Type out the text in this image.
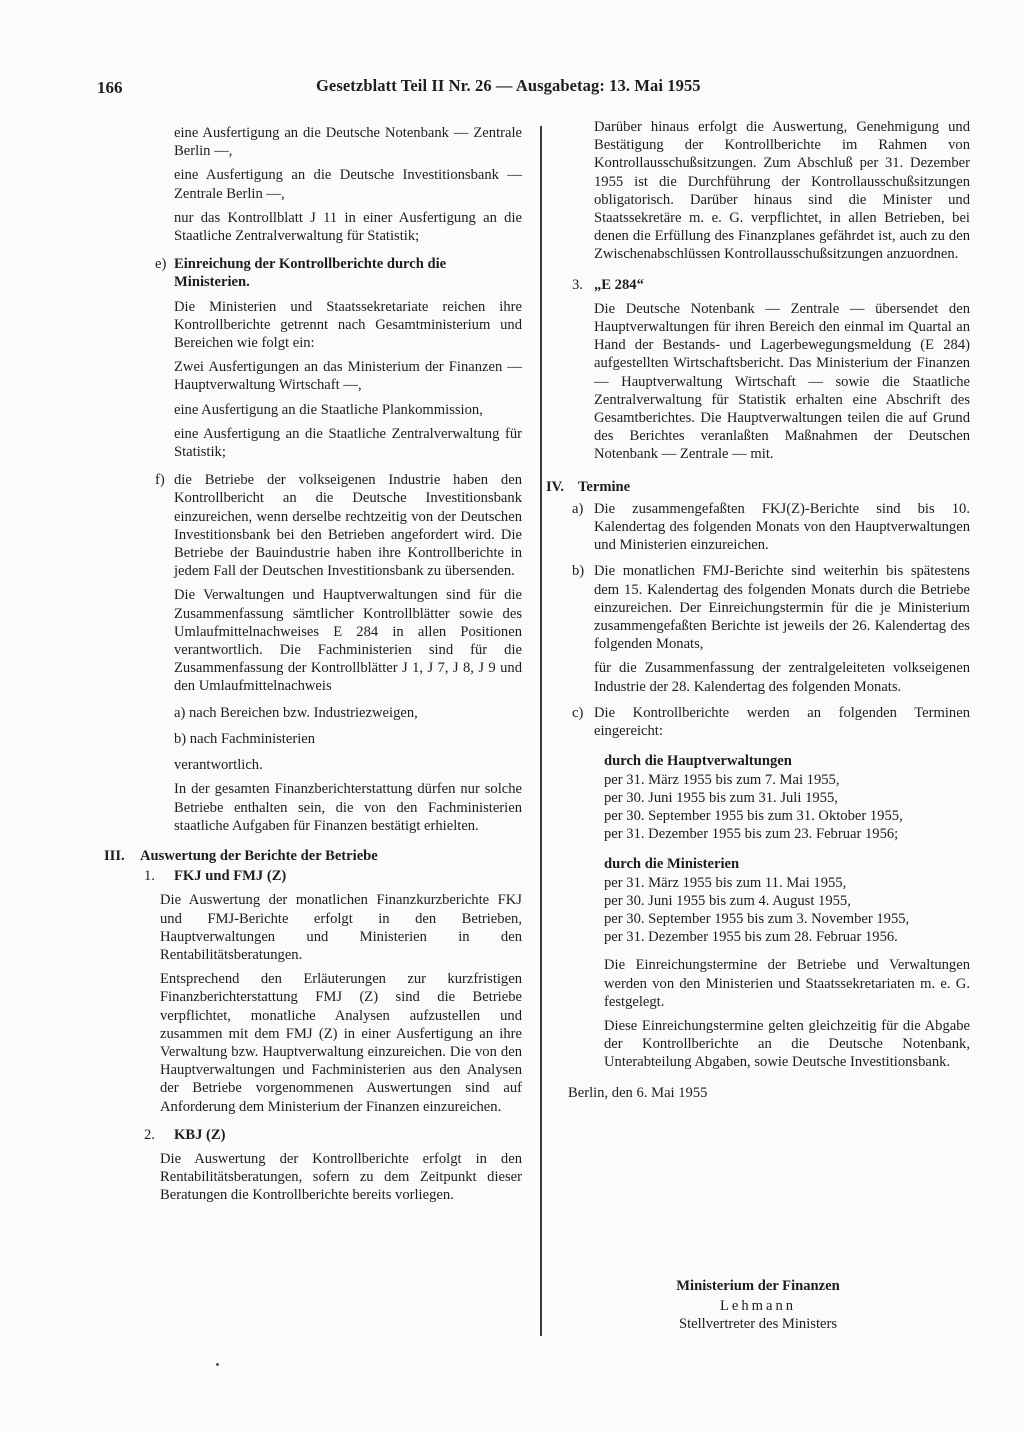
166	Gesetzblatt Teil II Nr. 26 — Ausgabetag: 13. Mai 1955

eine Ausfertigung an die Deutsche Notenbank — Zentrale Berlin —,

eine Ausfertigung an die Deutsche Investitionsbank — Zentrale Berlin —,

nur das Kontrollblatt J 11 in einer Ausfertigung an die Staatliche Zentralverwaltung für Statistik;

e) Einreichung der Kontrollberichte durch die Ministerien.

Die Ministerien und Staatssekretariate reichen ihre Kontrollberichte getrennt nach Gesamtministerium und Bereichen wie folgt ein:

Zwei Ausfertigungen an das Ministerium der Finanzen — Hauptverwaltung Wirtschaft —,

eine Ausfertigung an die Staatliche Plankommission,

eine Ausfertigung an die Staatliche Zentralverwaltung für Statistik;

f) die Betriebe der volkseigenen Industrie haben den Kontrollbericht an die Deutsche Investitionsbank einzureichen, wenn derselbe rechtzeitig von der Deutschen Investitionsbank bei den Betrieben angefordert wird. Die Betriebe der Bauindustrie haben ihre Kontrollberichte in jedem Fall der Deutschen Investitionsbank zu übersenden.

Die Verwaltungen und Hauptverwaltungen sind für die Zusammenfassung sämtlicher Kontrollblätter sowie des Umlaufmittelnachweises E 284 in allen Positionen verantwortlich. Die Fachministerien sind für die Zusammenfassung der Kontrollblätter J 1, J 7, J 8, J 9 und den Umlaufmittelnachweis

a) nach Bereichen bzw. Industriezweigen,

b) nach Fachministerien

verantwortlich.

In der gesamten Finanzberichterstattung dürfen nur solche Betriebe enthalten sein, die von den Fachministerien staatliche Aufgaben für Finanzen bestätigt erhielten.

III. Auswertung der Berichte der Betriebe
1. FKJ und FMJ (Z)

Die Auswertung der monatlichen Finanzkurzberichte FKJ und FMJ-Berichte erfolgt in den Betrieben, Hauptverwaltungen und Ministerien in den Rentabilitätsberatungen.

Entsprechend den Erläuterungen zur kurzfristigen Finanzberichterstattung FMJ (Z) sind die Betriebe verpflichtet, monatliche Analysen aufzustellen und zusammen mit dem FMJ (Z) in einer Ausfertigung an ihre Verwaltung bzw. Hauptverwaltung einzureichen. Die von den Hauptverwaltungen und Fachministerien aus den Analysen der Betriebe vorgenommenen Auswertungen sind auf Anforderung dem Ministerium der Finanzen einzureichen.

2. KBJ (Z)

Die Auswertung der Kontrollberichte erfolgt in den Rentabilitätsberatungen, sofern zu dem Zeitpunkt dieser Beratungen die Kontrollberichte bereits vorliegen.

Darüber hinaus erfolgt die Auswertung, Genehmigung und Bestätigung der Kontrollberichte im Rahmen von Kontrollausschußsitzungen. Zum Abschluß per 31. Dezember 1955 ist die Durchführung der Kontrollausschußsitzungen obligatorisch. Darüber hinaus sind die Minister und Staatssekretäre m. e. G. verpflichtet, in allen Betrieben, bei denen die Erfüllung des Finanzplanes gefährdet ist, auch zu den Zwischenabschlüssen Kontrollausschußsitzungen anzuordnen.

3. „E 284“

Die Deutsche Notenbank — Zentrale — übersendet den Hauptverwaltungen für ihren Bereich den einmal im Quartal an Hand der Bestands- und Lagerbewegungsmeldung (E 284) aufgestellten Wirtschaftsbericht. Das Ministerium der Finanzen — Hauptverwaltung Wirtschaft — sowie die Staatliche Zentralverwaltung für Statistik erhalten eine Abschrift des Gesamtberichtes. Die Hauptverwaltungen teilen die auf Grund des Berichtes veranlaßten Maßnahmen der Deutschen Notenbank — Zentrale — mit.

IV. Termine
a) Die zusammengefaßten FKJ(Z)-Berichte sind bis 10. Kalendertag des folgenden Monats von den Hauptverwaltungen und Ministerien einzureichen.

b) Die monatlichen FMJ-Berichte sind weiterhin bis spätestens dem 15. Kalendertag des folgenden Monats durch die Betriebe einzureichen. Der Einreichungstermin für die je Ministerium zusammengefaßten Berichte ist jeweils der 26. Kalendertag des folgenden Monats,

für die Zusammenfassung der zentralgeleiteten volkseigenen Industrie der 28. Kalendertag des folgenden Monats.

c) Die Kontrollberichte werden an folgenden Terminen eingereicht:

durch die Hauptverwaltungen

per 31. März 1955 bis zum 7. Mai 1955,

per 30. Juni 1955 bis zum 31. Juli 1955,

per 30. September 1955 bis zum 31. Oktober 1955,

per 31. Dezember 1955 bis zum 23. Februar 1956;

durch die Ministerien

per 31. März 1955 bis zum 11. Mai 1955,

per 30. Juni 1955 bis zum 4. August 1955,

per 30. September 1955 bis zum 3. November 1955,

per 31. Dezember 1955 bis zum 28. Februar 1956.

Die Einreichungstermine der Betriebe und Verwaltungen werden von den Ministerien und Staatssekretariaten m. e. G. festgelegt.

Diese Einreichungstermine gelten gleichzeitig für die Abgabe der Kontrollberichte an die Deutsche Notenbank, Unterabteilung Abgaben, sowie Deutsche Investitionsbank.

Berlin, den 6. Mai 1955

Ministerium der Finanzen
Lehmann
Stellvertreter des Ministers
